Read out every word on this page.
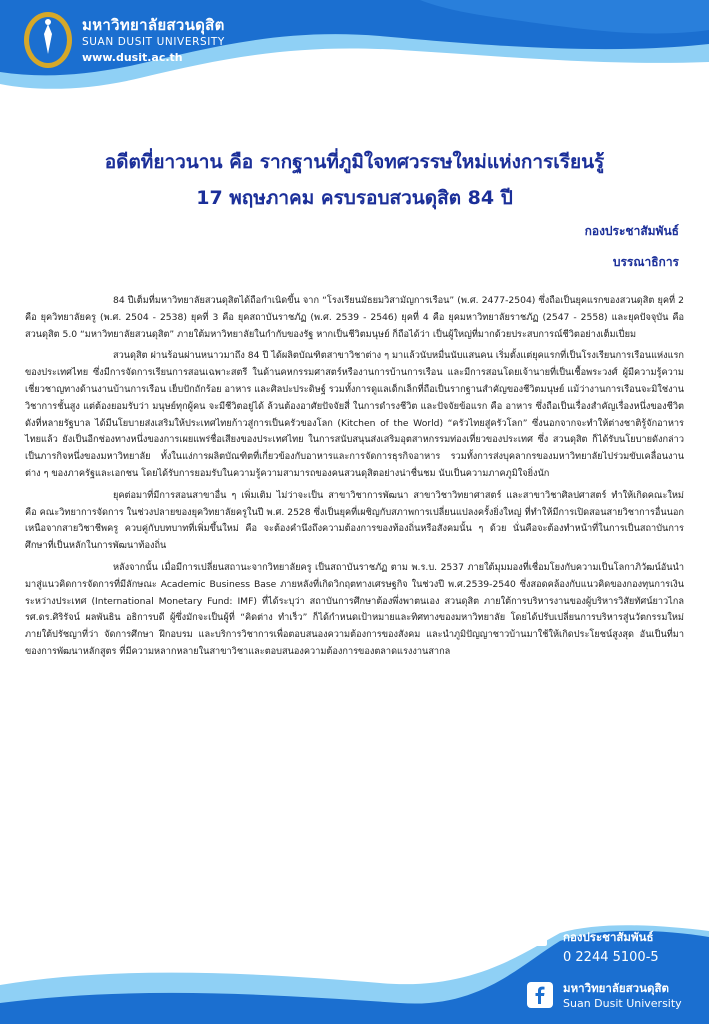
มหาวิทยาลัยสวนดุสิต
SUAN DUSIT UNIVERSITY
www.dusit.ac.th
อดีตที่ยาวนาน คือ รากฐานที่ภูมิใจทศวรรษใหม่แห่งการเรียนรู้
17 พฤษภาคม ครบรอบสวนดุสิต 84 ปี
กองประชาสัมพันธ์
บรรณาธิการ

84 ปีเต็มที่มหาวิทยาลัยสวนดุสิตได้ถือกำเนิดขึ้น จาก “โรงเรียนมัธยมวิสามัญการเรือน” (พ.ศ. 2477-2504) ซึ่งถือเป็นยุคแรกของสวนดุสิต ยุคที่ 2 คือ ยุควิทยาลัยครู (พ.ศ. 2504 - 2538) ยุคที่ 3 คือ ยุคสถาบันราชภัฏ (พ.ศ. 2539 - 2546) ยุคที่ 4 คือ ยุคมหาวิทยาลัยราชภัฏ (2547 - 2558) และยุคปัจจุบัน คือ สวนดุสิต 5.0 “มหาวิทยาลัยสวนดุสิต” ภายใต้มหาวิทยาลัยในกำกับของรัฐ หากเป็นชีวิตมนุษย์ ก็ถือได้ว่า เป็นผู้ใหญ่ที่มากด้วยประสบการณ์ชีวิตอย่างเต็มเปี่ยม

สวนดุสิต ผ่านร้อนผ่านหนาวมาถึง 84 ปี ได้ผลิตบัณฑิตสาขาวิชาต่าง ๆ มาแล้วนับหมื่นนับแสนคน เริ่มตั้งแต่ยุคแรกที่เป็นโรงเรียนการเรือนแห่งแรกของประเทศไทย ซึ่งมีการจัดการเรียนการสอนเฉพาะสตรี ในด้านคหกรรมศาสตร์หรืองานการบ้านการเรือน และมีการสอนโดยเจ้านายที่เป็นเชื้อพระวงศ์ ผู้มีความรู้ความเชี่ยวชาญทางด้านงานบ้านการเรือน เย็บปักถักร้อย อาหาร และศิลปะประดิษฐ์ รวมทั้งการดูแลเด็กเล็กที่ถือเป็นรากฐานสำคัญของชีวิตมนุษย์ แม้ว่างานการเรือนจะมิใช่งานวิชาการชั้นสูง แต่ต้องยอมรับว่า มนุษย์ทุกผู้คน จะมีชีวิตอยู่ได้ ล้วนต้องอาศัยปัจจัยสี่ ในการดำรงชีวิต และปัจจัยข้อแรก คือ อาหาร ซึ่งถือเป็นเรื่องสำคัญเรื่องหนึ่งของชีวิต ดังที่หลายรัฐบาล ได้มีนโยบายส่งเสริมให้ประเทศไทยก้าวสู่การเป็นครัวของโลก (Kitchen of the World) “ครัวไทยสู่ครัวโลก” ซึ่งนอกจากจะทำให้ต่างชาติรู้จักอาหารไทยแล้ว ยังเป็นอีกช่องทางหนึ่งของการเผยแพร่ชื่อเสียงของประเทศไทย ในการสนับสนุนส่งเสริมอุตสาหกรรมท่องเที่ยวของประเทศ ซึ่ง สวนดุสิต ก็ได้รับนโยบายดังกล่าวเป็นภารกิจหนึ่งของมหาวิทยาลัย ทั้งในแง่การผลิตบัณฑิตที่เกี่ยวข้องกับอาหารและการจัดการธุรกิจอาหาร รวมทั้งการส่งบุคลากรของมหาวิทยาลัยไปร่วมขับเคลื่อนงานต่าง ๆ ของภาครัฐและเอกชน โดยได้รับการยอมรับในความรู้ความสามารถของคนสวนดุสิตอย่างน่าชื่นชม นับเป็นความภาคภูมิใจยิ่งนัก

ยุคต่อมาที่มีการสอนสาขาอื่น ๆ เพิ่มเติม ไม่ว่าจะเป็น สาขาวิชาการพัฒนา สาขาวิชาวิทยาศาสตร์ และสาขาวิชาศิลปศาสตร์ ทำให้เกิดคณะใหม่ คือ คณะวิทยาการจัดการ ในช่วงปลายของยุควิทยาลัยครูในปี พ.ศ. 2528 ซึ่งเป็นยุคที่เผชิญกับสภาพการเปลี่ยนแปลงครั้งยิ่งใหญ่ ที่ทำให้มีการเปิดสอนสายวิชาการอื่นนอกเหนือจากสายวิชาชีพครู ควบคู่กับบทบาทที่เพิ่มขึ้นใหม่ คือ จะต้องคำนึงถึงความต้องการของท้องถิ่นหรือสังคมนั้น ๆ ด้วย นั่นคือจะต้องทำหน้าที่ในการเป็นสถาบันการศึกษาที่เป็นหลักในการพัฒนาท้องถิ่น

หลังจากนั้น เมื่อมีการเปลี่ยนสถานะจากวิทยาลัยครู เป็นสถาบันราชภัฏ ตาม พ.ร.บ. 2537 ภายใต้มุมมองที่เชื่อมโยงกับความเป็นโลกาภิวัฒน์อันนำมาสู่แนวคิดการจัดการที่มีลักษณะ Academic Business Base ภายหลังที่เกิดวิกฤตทางเศรษฐกิจ ในช่วงปี พ.ศ.2539-2540 ซึ่งสอดคล้องกับแนวคิดของกองทุนการเงินระหว่างประเทศ (International Monetary Fund: IMF) ที่ได้ระบุว่า สถาบันการศึกษาต้องพึ่งพาตนเอง สวนดุสิต ภายใต้การบริหารงานของผู้บริหารวิสัยทัศน์ยาวไกล รศ.ดร.ศิริรัจน์ ผลพันธิน อธิการบดี ผู้ซึ่งมักจะเป็นผู้ที่ “คิดต่าง ทำเร็ว” ก็ได้กำหนดเป้าหมายและทิศทางของมหาวิทยาลัย โดยได้ปรับเปลี่ยนการบริหารสู่นวัตกรรมใหม่ ภายใต้ปรัชญาที่ว่า จัดการศึกษา ฝึกอบรม และบริการวิชาการเพื่อตอบสนองความต้องการของสังคม และนำภูมิปัญญาชาวบ้านมาใช้ให้เกิดประโยชน์สูงสุด อันเป็นที่มาของการพัฒนาหลักสูตร ที่มีความหลากหลายในสาขาวิชาและตอบสนองความต้องการของตลาดแรงงานสากล

กองประชาสัมพันธ์
0 2244 5100-5
มหาวิทยาลัยสวนดุสิต
Suan Dusit University
